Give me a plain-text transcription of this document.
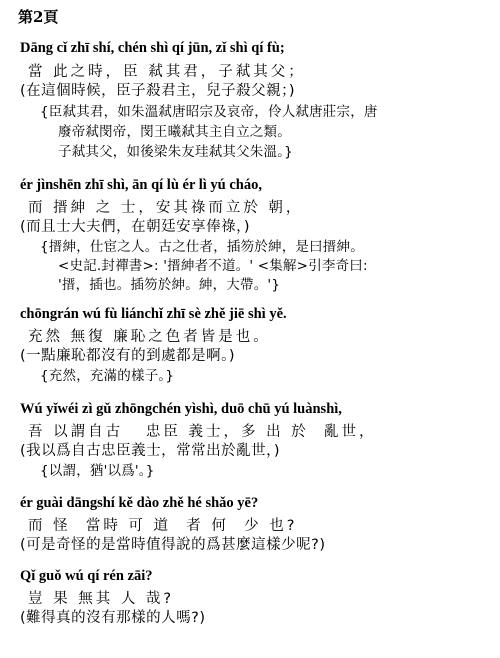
第2頁
Dāng cǐ zhī shí, chén shì qí jūn, zǐ shì qí fù;
當 此之時，臣 弒其君，子弒其父；
(在這個時候，臣子殺君主，兒子殺父親；)
{臣弒其君，如朱溫弒唐昭宗及哀帝，伶人弒唐莊宗，唐
廢帝弒閔帝，閔王曦弒其主自立之類。
子弒其父，如後梁朱友珪弒其父朱溫。}
ér jìnshēn zhī shì, ān qí lù ér lì yú cháo,
而 搢紳 之 士，安其祿而立於 朝，
(而且士大夫們，在朝廷安享俸祿，)
{搢紳，仕宦之人。古之仕者，插笏於紳，是曰搢紳。
<史記.封禪書>: '搢紳者不道。' <集解>引李奇曰:
'搢，插也。插笏於紳。紳，大帶。'}
chōngrán wú fù liánchǐ zhī sè zhě jiē shì yě.
充然 無復 廉恥之色者皆是也。
(一點廉恥都沒有的到處都是啊。)
{充然，充滿的樣子。}
Wú yǐwéi zì gǔ zhōngchén yìshì, duō chū yú luànshì,
吾 以謂自古   忠臣 義士，多 出 於  亂世，
(我以爲自古忠臣義士，常常出於亂世，)
{以謂，猶'以爲'。}
ér guài dāngshí kě dào zhě hé shǎo yē?
而 怪  當時 可 道  者 何  少 也?
(可是奇怪的是當時值得說的爲甚麼這樣少呢?)
Qǐ guǒ wú qí rén zāi?
豈 果 無其 人 哉?
(難得真的沒有那樣的人嗎?)
